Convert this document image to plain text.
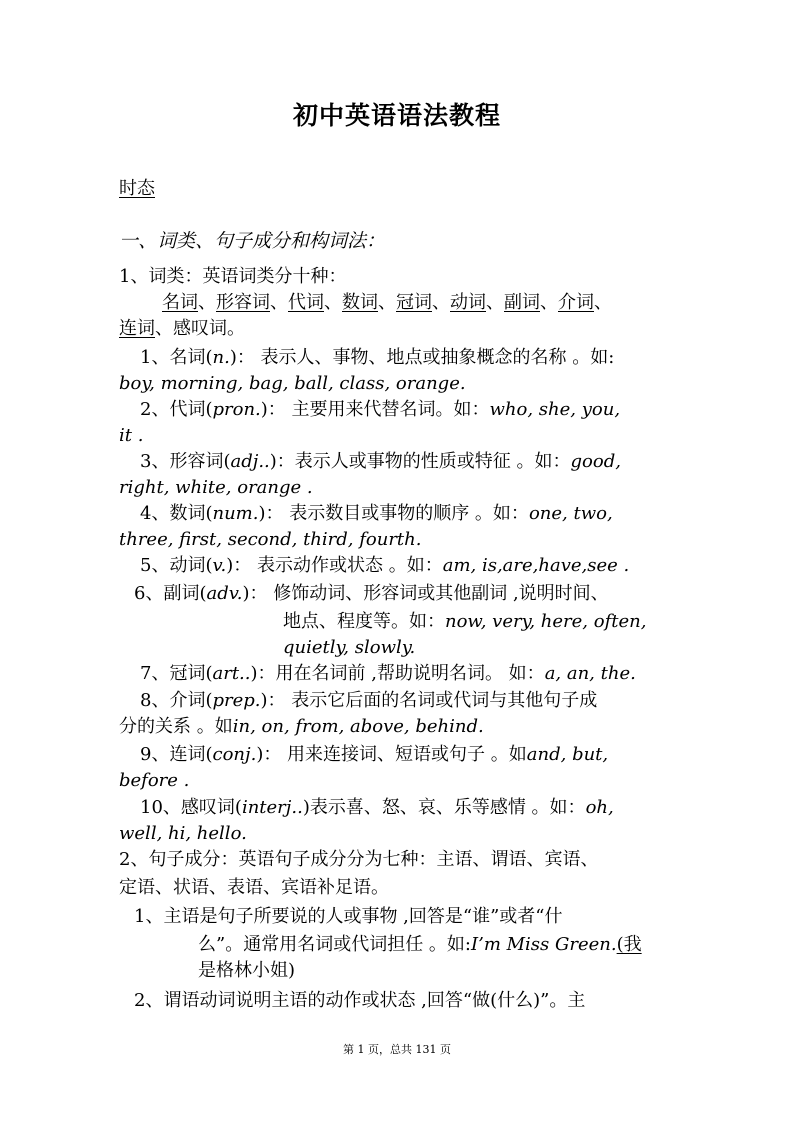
初中英语语法教程
时态
一、词类、句子成分和构词法：
1、词类：英语词类分十种：
名词、形容词、代词、数词、冠词、动词、副词、介词、
连词、感叹词。
1、名词(n.)： 表示人、事物、地点或抽象概念的名称 。如:
boy, morning, bag, ball, class, orange.
2、代词(pron.)： 主要用来代替名词。如：who, she, you,
it .
3、形容词(adj..)：表示人或事物的性质或特征 。如：good,
right, white, orange .
4、数词(num.)： 表示数目或事物的顺序 。如：one, two,
three, first, second, third, fourth.
5、动词(v.)： 表示动作或状态 。如：am, is,are,have,see .
6、副词(adv.)： 修饰动词、形容词或其他副词 ,说明时间、
地点、程度等。如：now, very, here, often,
quietly, slowly.
7、冠词(art..)：用在名词前 ,帮助说明名词。 如：a, an, the.
8、介词(prep.)： 表示它后面的名词或代词与其他句子成
分的关系 。如in, on, from, above, behind.
9、连词(conj.)： 用来连接词、短语或句子 。如and, but,
before .
10、感叹词(interj..)表示喜、怒、哀、乐等感情 。如：oh,
well, hi, hello.
2、句子成分：英语句子成分分为七种：主语、谓语、宾语、
定语、状语、表语、宾语补足语。
1、主语是句子所要说的人或事物 ,回答是“谁”或者“什
么”。通常用名词或代词担任 。如:I’m Miss Green.(我
是格林小姐)
2、谓语动词说明主语的动作或状态 ,回答“做(什么)”。主
第 1 页，总共 131 页
